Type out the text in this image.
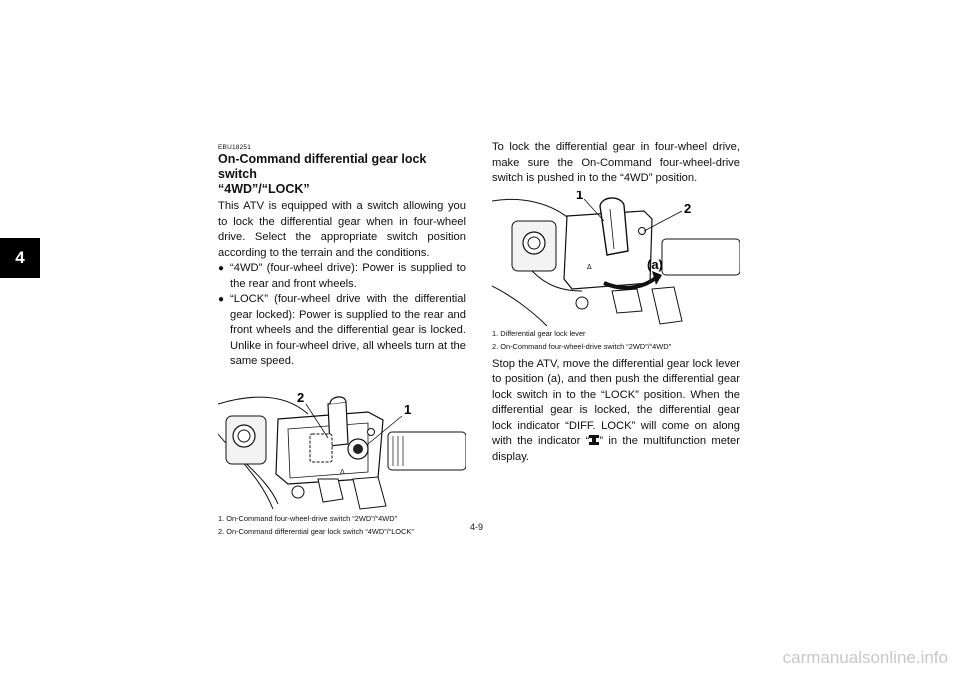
4
EBU18251
On-Command differential gear lock switch
“4WD”/“LOCK”

This ATV is equipped with a switch allowing you to lock the differential gear when in four-wheel drive. Select the appropriate switch position according to the terrain and the conditions.

● “4WD” (four-wheel drive): Power is supplied to the rear and front wheels.
● “LOCK” (four-wheel drive with the differential gear locked): Power is supplied to the rear and front wheels and the differential gear is locked. Unlike in four-wheel drive, all wheels turn at the same speed.
Δ
2
1
1. On-Command four-wheel-drive switch “2WD”/“4WD”
2. On-Command differential gear lock switch “4WD”/“LOCK”

To lock the differential gear in four-wheel drive, make sure the On-Command four-wheel-drive switch is pushed in to the “4WD” position.

Δ
1
2
(a)
1. Differential gear lock lever
2. On-Command four-wheel-drive switch “2WD”/“4WD”

Stop the ATV, move the differential gear lock lever to position (a), and then push the differential gear lock switch in to the “LOCK” position. When the differential gear is locked, the differential gear lock indicator “DIFF. LOCK” will come on along with the indicator “ ” in the multifunction meter display.

4-9
carmanualsonline.info
